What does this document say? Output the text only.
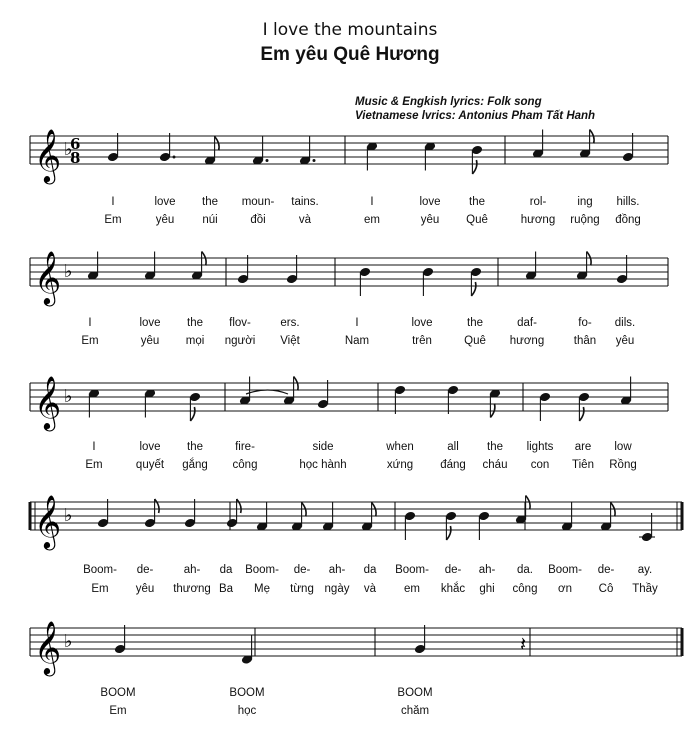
I love the mountains
Em yêu Quê Hương
Music & Engkish lyrics: Folk song
Vietnamese lvrics: Antonius Pham Tất Hanh
𝄞 ♭
6
8
𝄞 ♭
𝄞 ♭
𝄞 ♭
𝄞 ♭	𝄽
I	love the moun- tains.	I	love the	rol-	ing hills.
Em	yêu núi	đồi	và	em	yêu Quê	hương ruộng đồng
I	love the flov-	ers.	I	love	the	daf-	fo- dils.
Em	yêu mọi người Việt	Nam	trên	Quê hương	thân yêu
I	love the	fire-	side	when	all the lights are low
Em	quyết gắng công	học hành	xứng đáng cháu con Tiên Rồng
Boom- de-	ah- da Boom- de- ah- da Boom- de- ah- da. Boom- de- ay.
Em yêu thương Ba Mẹ từng ngày và em khắc ghi công ơn Cô Thầy
BOOM	BOOM	BOOM
Em	học	chăm
